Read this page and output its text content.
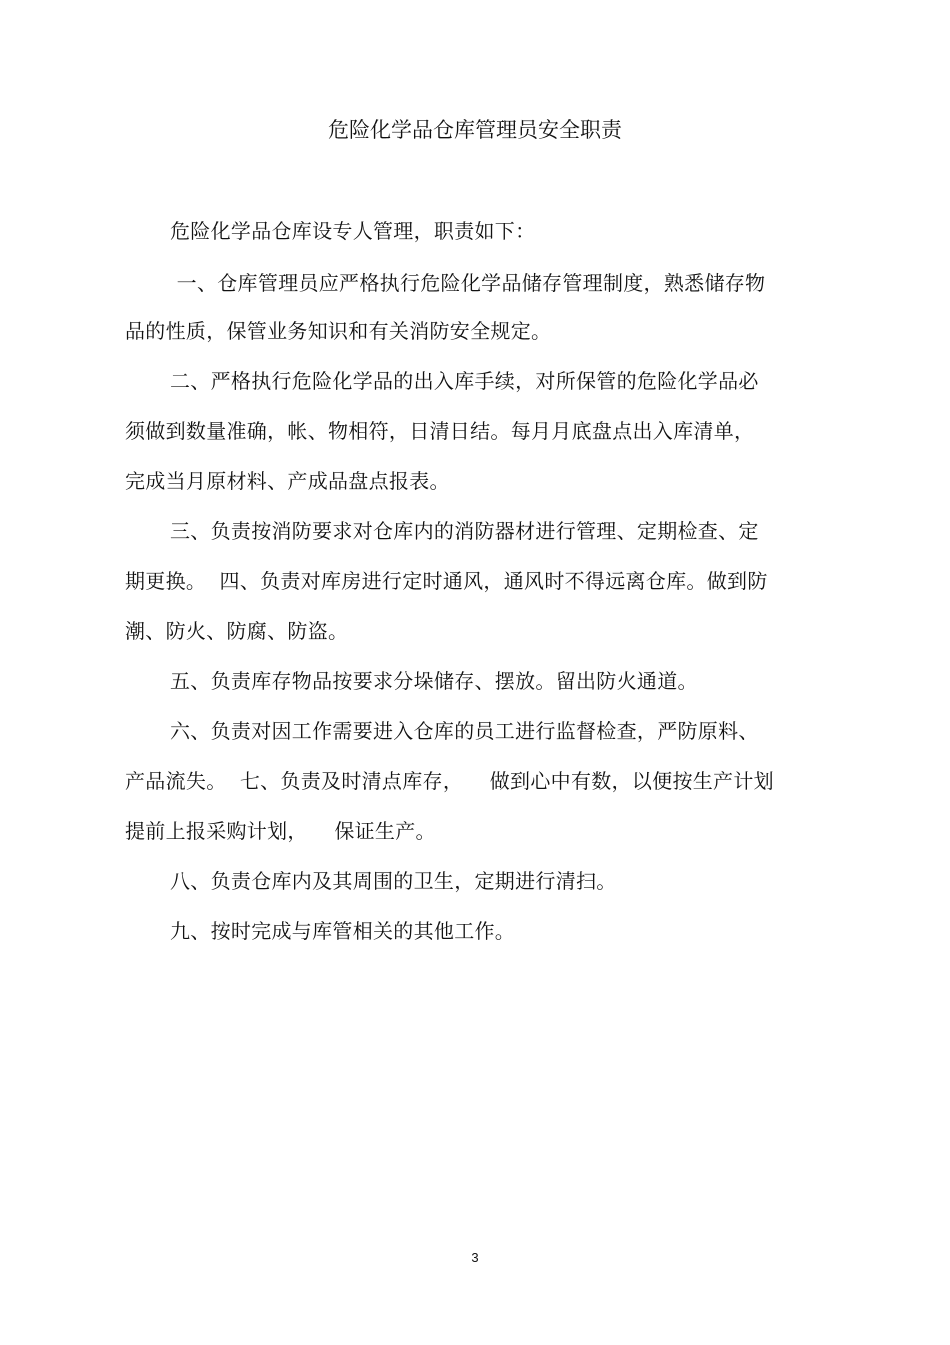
危险化学品仓库管理员安全职责
危险化学品仓库设专人管理，职责如下：
一、仓库管理员应严格执行危险化学品储存管理制度，熟悉储存物
品的性质，保管业务知识和有关消防安全规定。
二、严格执行危险化学品的出入库手续，对所保管的危险化学品必
须做到数量准确，帐、物相符，日清日结。每月月底盘点出入库清单，
完成当月原材料、产成品盘点报表。
三、负责按消防要求对仓库内的消防器材进行管理、定期检查、定
期更换。  四、负责对库房进行定时通风，通风时不得远离仓库。做到防
潮、防火、防腐、防盗。
五、负责库存物品按要求分垛储存、摆放。留出防火通道。
六、负责对因工作需要进入仓库的员工进行监督检查，严防原料、
产品流失。  七、负责及时清点库存，    做到心中有数，以便按生产计划
提前上报采购计划，    保证生产。
八、负责仓库内及其周围的卫生，定期进行清扫。
九、按时完成与库管相关的其他工作。
3
